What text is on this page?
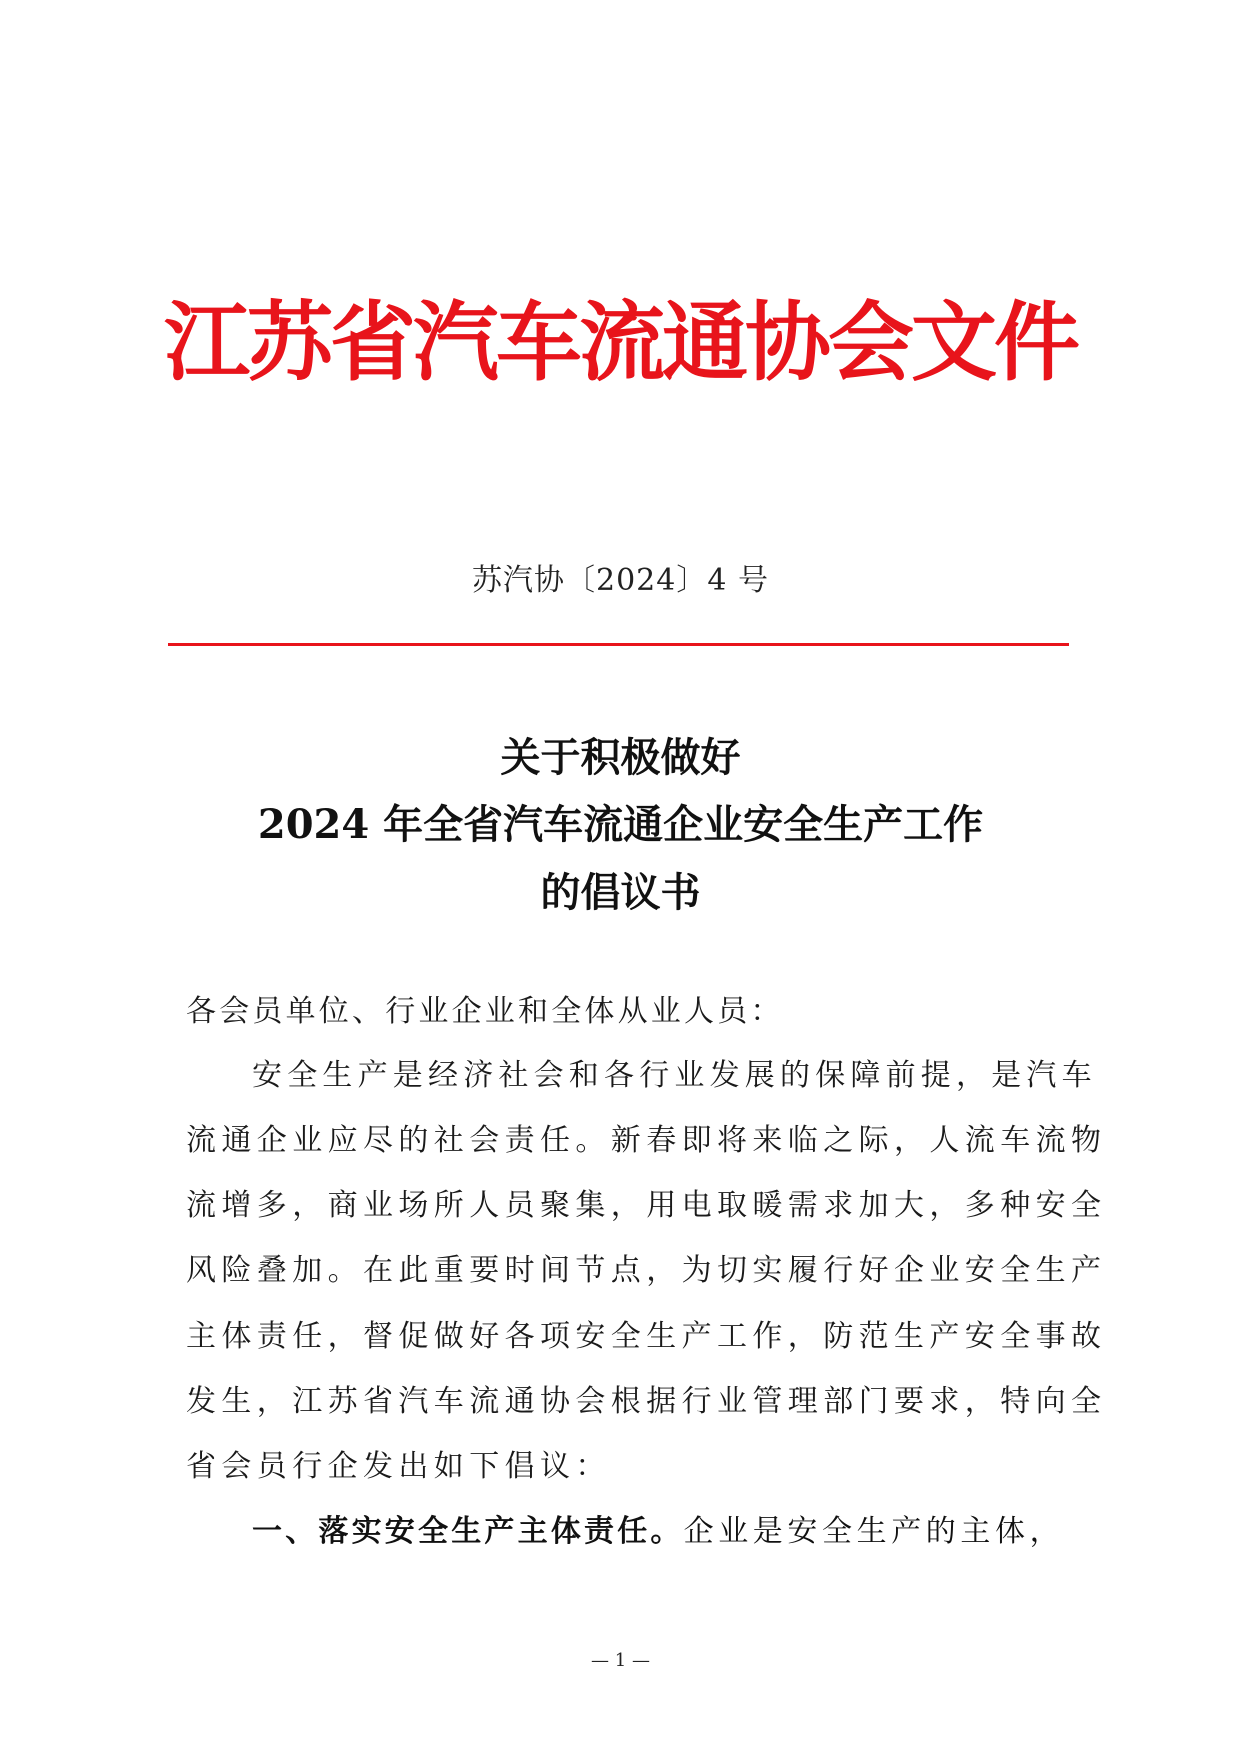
江苏省汽车流通协会文件
苏汽协〔2024〕4 号
关于积极做好
2024 年全省汽车流通企业安全生产工作
的倡议书
各会员单位、行业企业和全体从业人员：
安全生产是经济社会和各行业发展的保障前提，是汽车
流通企业应尽的社会责任。新春即将来临之际，人流车流物
流增多，商业场所人员聚集，用电取暖需求加大，多种安全
风险叠加。在此重要时间节点，为切实履行好企业安全生产
主体责任，督促做好各项安全生产工作，防范生产安全事故
发生，江苏省汽车流通协会根据行业管理部门要求，特向全
省会员行企发出如下倡议：
一、落实安全生产主体责任。企业是安全生产的主体，
— 1 —
